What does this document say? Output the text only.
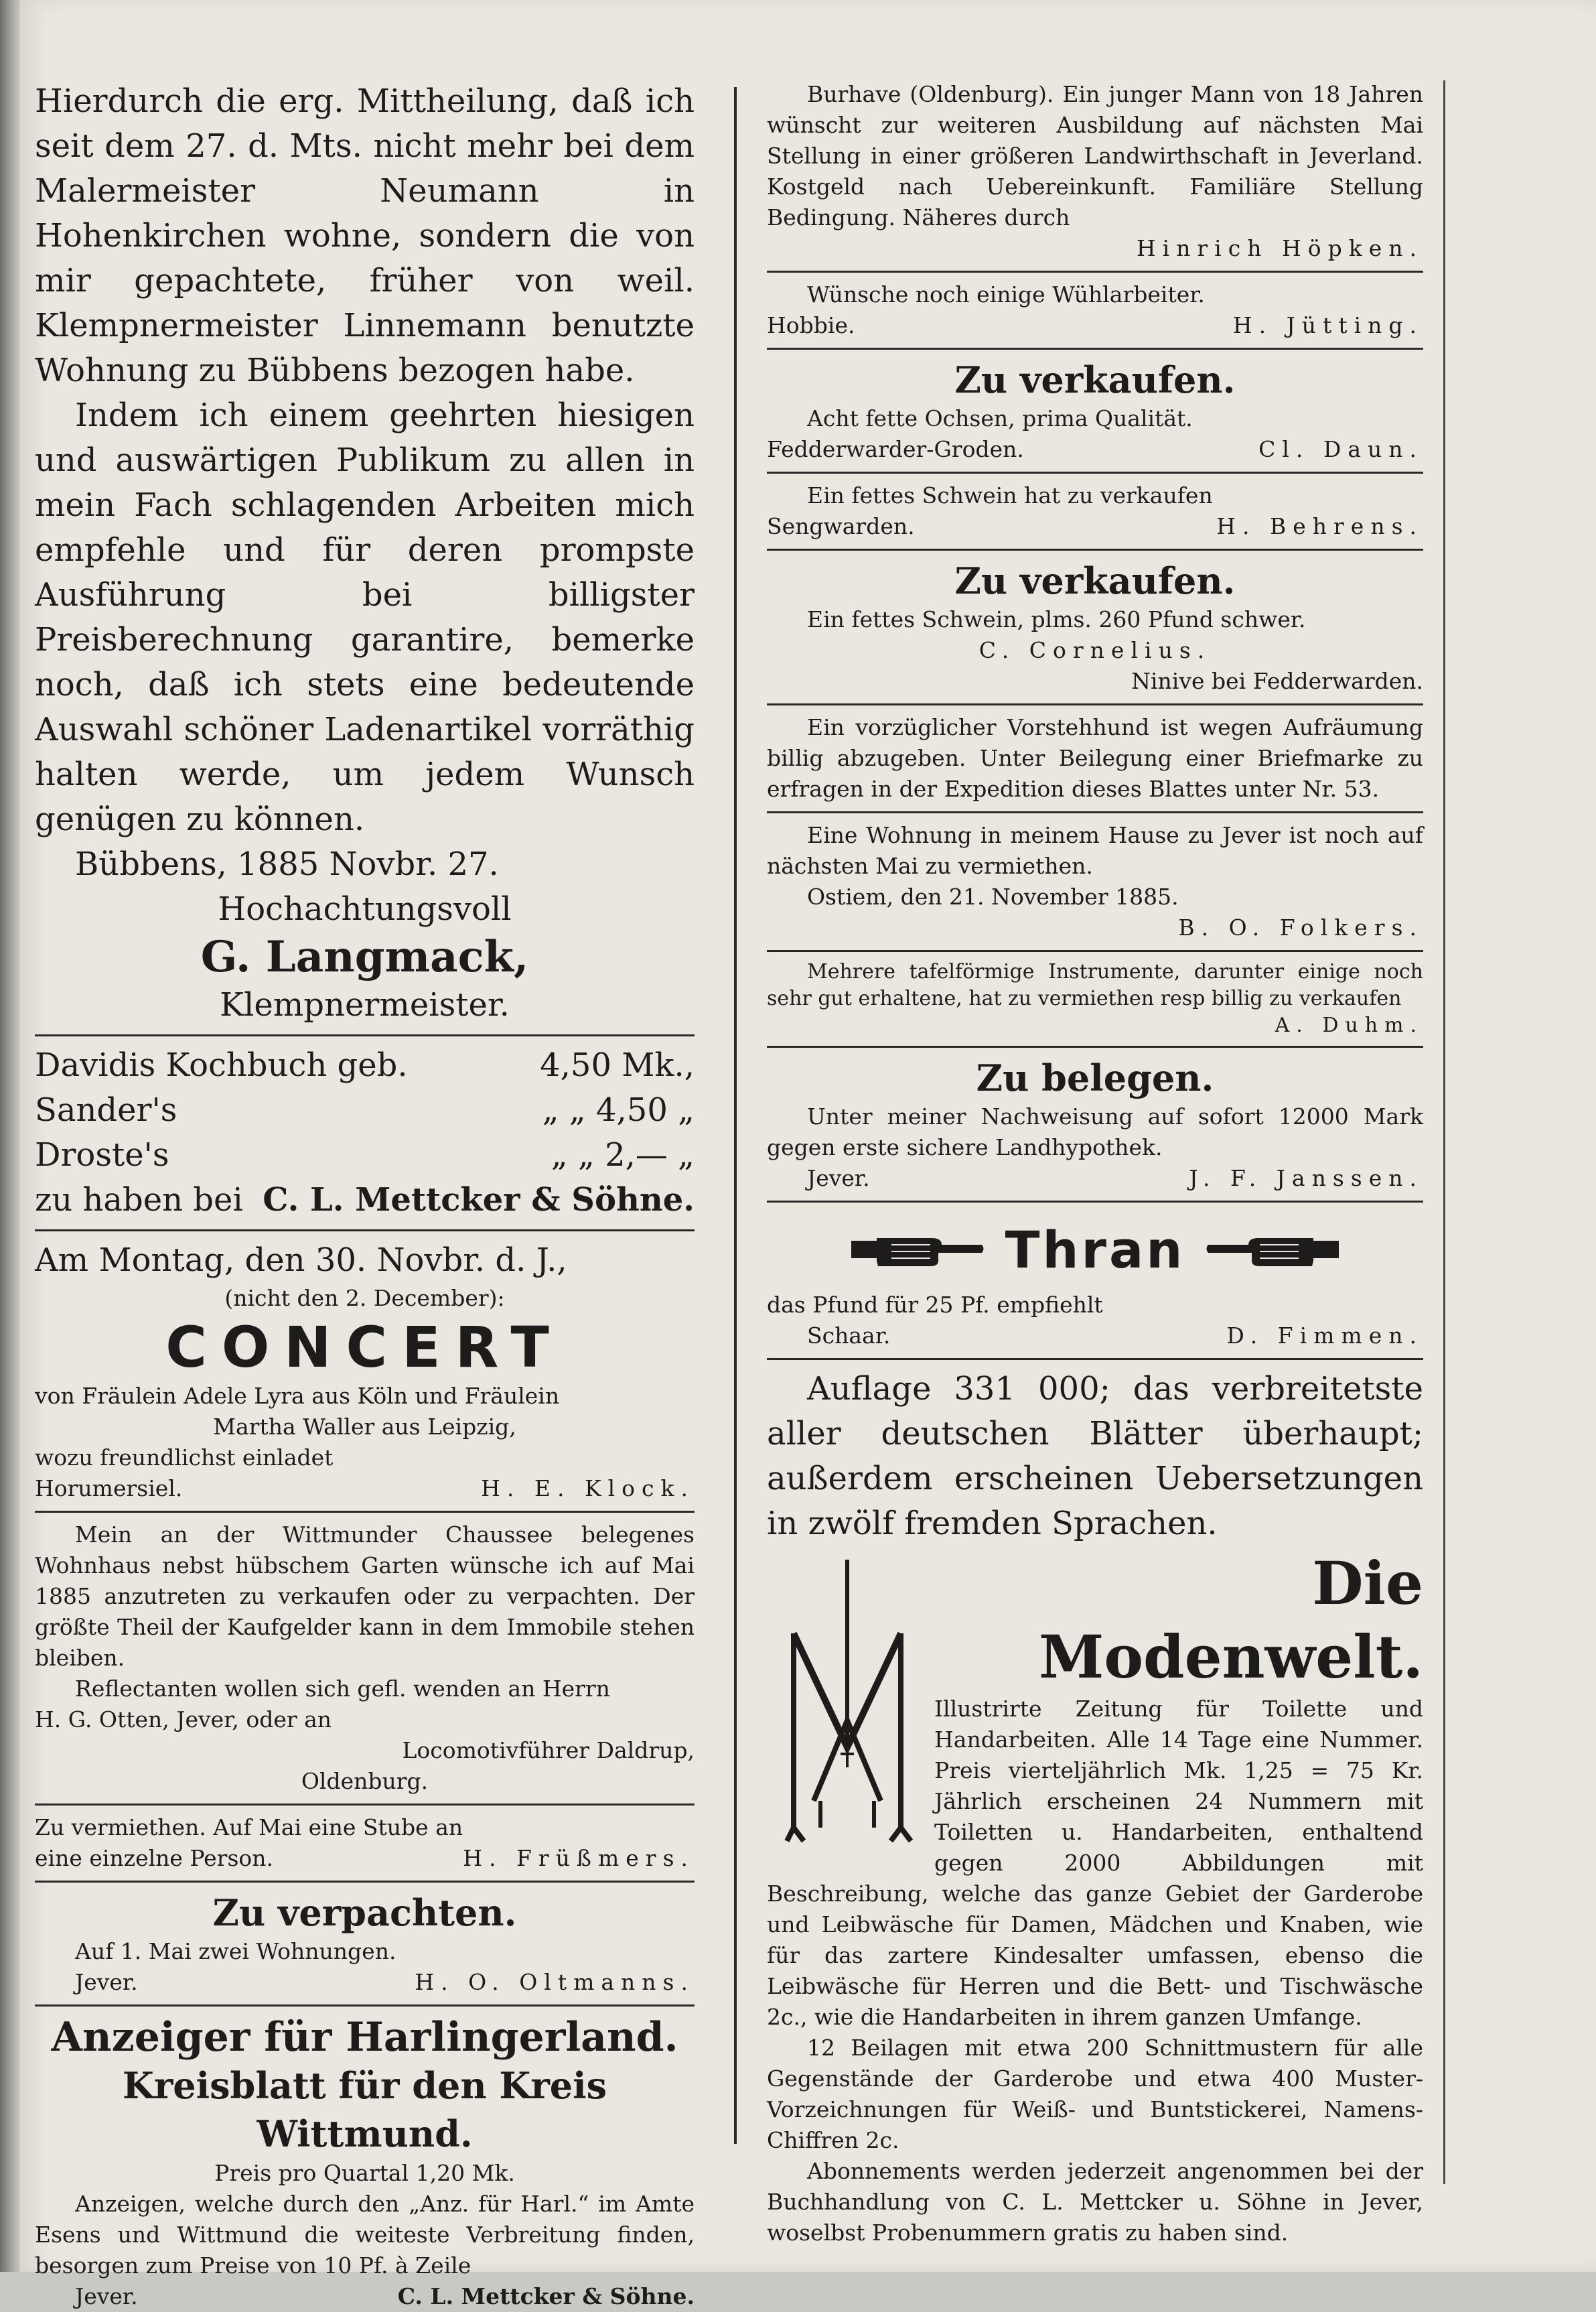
Hierdurch die erg. Mittheilung, daß ich seit dem 27. d. Mts. nicht mehr bei dem Malermeister Neumann in Hohenkirchen wohne, sondern die von mir gepachtete, früher von weil. Klempnermeister Linnemann benutzte Wohnung zu Bübbens bezogen habe.

Indem ich einem geehrten hiesigen und auswärtigen Publikum zu allen in mein Fach schlagenden Arbeiten mich empfehle und für deren prompste Ausführung bei billigster Preisberechnung garantire, bemerke noch, daß ich stets eine bedeutende Auswahl schöner Ladenartikel vorräthig halten werde, um jedem Wunsch genügen zu können.

Bübbens, 1885 Novbr. 27.

Hochachtungsvoll

G. Langmack,

Klempnermeister.

Davidis Kochbuch geb.	4,50 Mk.,
Sander's	„ „ 4,50 „
Droste's	„ „ 2,— „
zu haben bei C. L. Mettcker & Söhne.

Am Montag, den 30. Novbr. d. J.,

(nicht den 2. December):

CONCERT

von Fräulein Adele Lyra aus Köln und Fräulein

Martha Waller aus Leipzig,

wozu freundlichst einladet

Horumersiel.	H. E. Klock.

Mein an der Wittmunder Chaussee belegenes Wohnhaus nebst hübschem Garten wünsche ich auf Mai 1885 anzutreten zu verkaufen oder zu verpachten. Der größte Theil der Kaufgelder kann in dem Immobile stehen bleiben.

Reflectanten wollen sich gefl. wenden an Herrn

H. G. Otten, Jever, oder an

Locomotivführer Daldrup,

Oldenburg.

Zu vermiethen. Auf Mai eine Stube an

eine einzelne Person.	H. Früßmers.

Zu verpachten.

Auf 1. Mai zwei Wohnungen.

Jever.	H. O. Oltmanns.

Anzeiger für Harlingerland.

Kreisblatt für den Kreis Wittmund.

Preis pro Quartal 1,20 Mk.

Anzeigen, welche durch den „Anz. für Harl.“ im Amte Esens und Wittmund die weiteste Verbreitung finden, besorgen zum Preise von 10 Pf. à Zeile

Jever.	C. L. Mettcker & Söhne.

Burhave (Oldenburg). Ein junger Mann von 18 Jahren wünscht zur weiteren Ausbildung auf nächsten Mai Stellung in einer größeren Landwirthschaft in Jeverland. Kostgeld nach Uebereinkunft. Familiäre Stellung Bedingung. Näheres durch

Hinrich Höpken.

Wünsche noch einige Wühlarbeiter.

Hobbie.	H. Jütting.

Zu verkaufen.

Acht fette Ochsen, prima Qualität.

Fedderwarder-Groden.	Cl. Daun.

Ein fettes Schwein hat zu verkaufen

Sengwarden.	H. Behrens.

Zu verkaufen.

Ein fettes Schwein, plms. 260 Pfund schwer.

C. Cornelius.

Ninive bei Fedderwarden.

Ein vorzüglicher Vorstehhund ist wegen Aufräumung billig abzugeben. Unter Beilegung einer Briefmarke zu erfragen in der Expedition dieses Blattes unter Nr. 53.

Eine Wohnung in meinem Hause zu Jever ist noch auf nächsten Mai zu vermiethen.

Ostiem, den 21. November 1885.

B. O. Folkers.

Mehrere tafelförmige Instrumente, darunter einige noch sehr gut erhaltene, hat zu vermiethen resp billig zu verkaufen

A. Duhm.

Zu belegen.

Unter meiner Nachweisung auf sofort 12000 Mark gegen erste sichere Landhypothek.

Jever.	J. F. Janssen.
Thran

das Pfund für 25 Pf. empfiehlt

Schaar.	D. Fimmen.

Auflage 331 000; das verbreitetste aller deutschen Blätter überhaupt; außerdem erscheinen Uebersetzungen in zwölf fremden Sprachen.

Die Modenwelt.

Illustrirte Zeitung für Toilette und Handarbeiten. Alle 14 Tage eine Nummer. Preis vierteljährlich Mk. 1,25 = 75 Kr. Jährlich erscheinen 24 Nummern mit Toiletten u. Handarbeiten, enthaltend gegen 2000 Abbildungen mit Beschreibung, welche das ganze Gebiet der Garderobe und Leibwäsche für Damen, Mädchen und Knaben, wie für das zartere Kindesalter umfassen, ebenso die Leibwäsche für Herren und die Bett- und Tischwäsche 2c., wie die Handarbeiten in ihrem ganzen Umfange.

12 Beilagen mit etwa 200 Schnittmustern für alle Gegenstände der Garderobe und etwa 400 Muster-Vorzeichnungen für Weiß- und Buntstickerei, Namens-Chiffren 2c.

Abonnements werden jederzeit angenommen bei der Buchhandlung von C. L. Mettcker u. Söhne in Jever, woselbst Probenummern gratis zu haben sind.
